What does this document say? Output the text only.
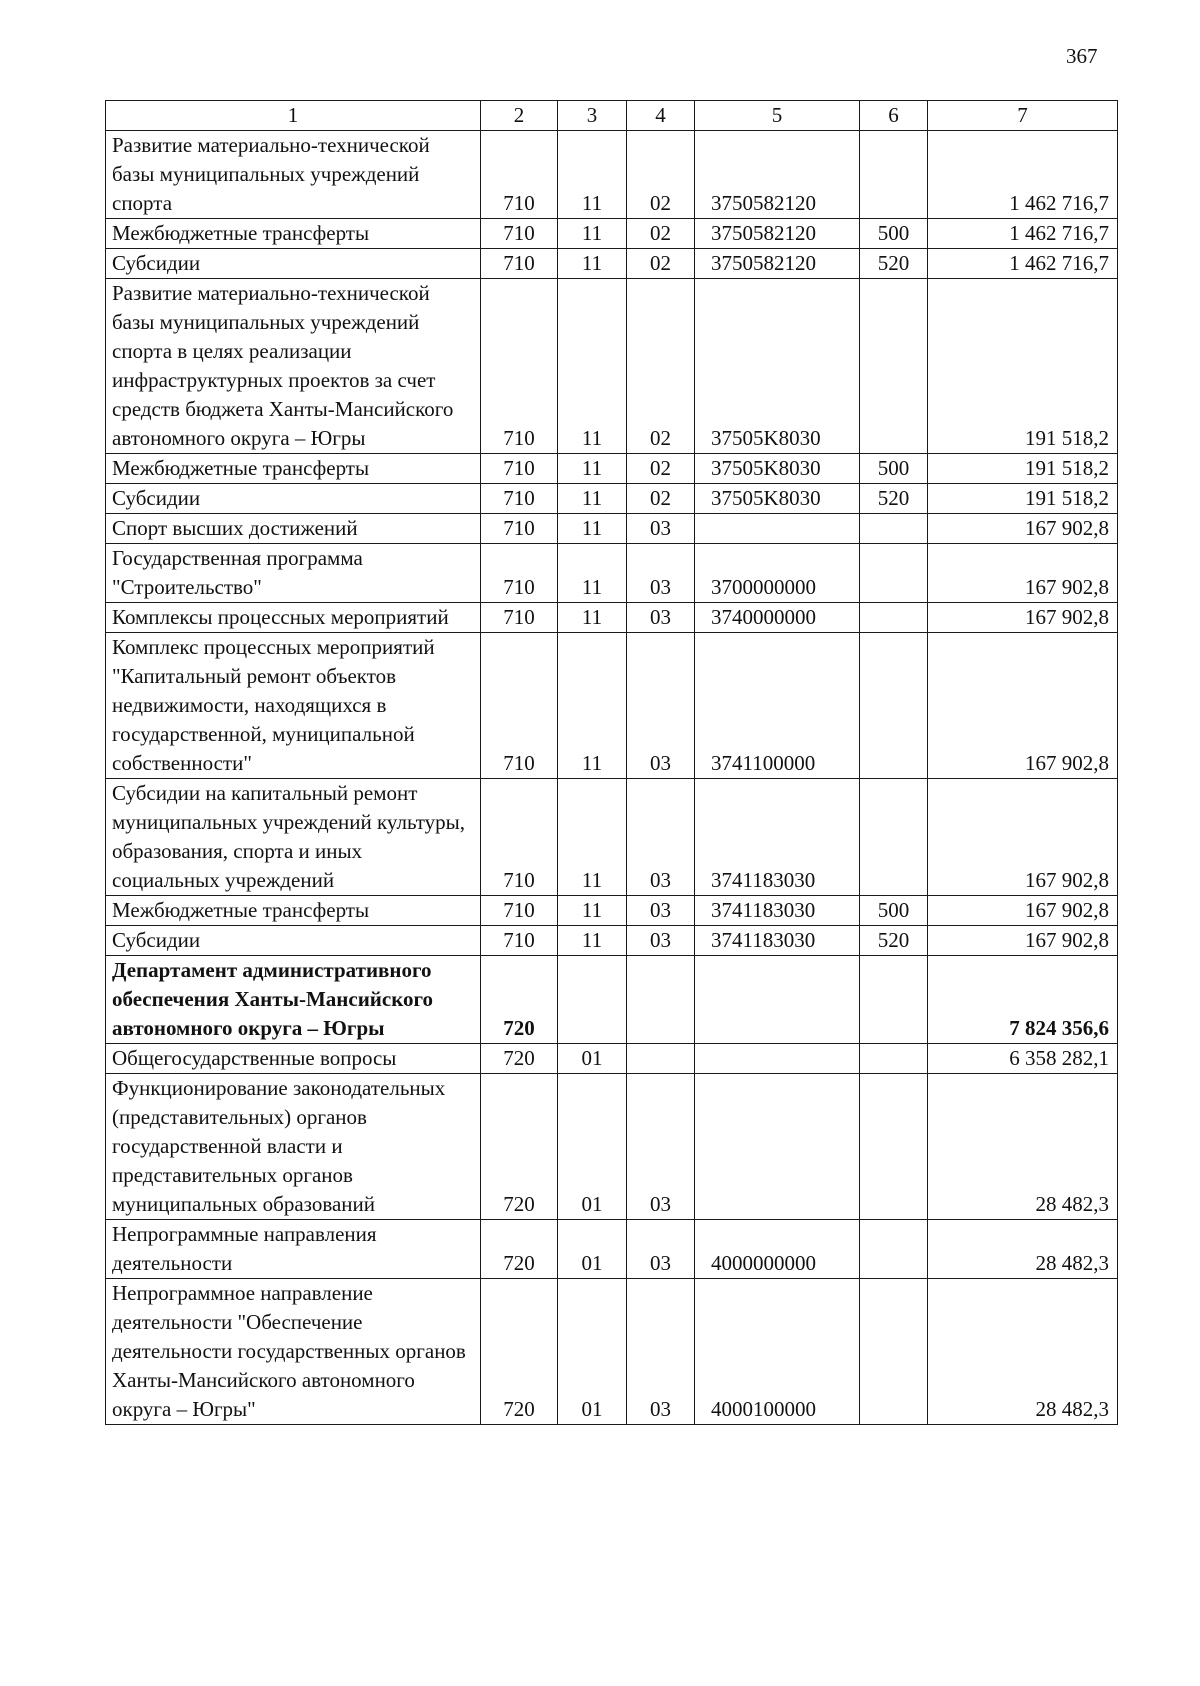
367
1	2	3	4	5	6	7
Развитие материально-технической базы муниципальных учреждений спорта	710	11	02	3750582120		1 462 716,7
Межбюджетные трансферты	710	11	02	3750582120	500	1 462 716,7
Субсидии	710	11	02	3750582120	520	1 462 716,7
Развитие материально-технической базы муниципальных учреждений спорта в целях реализации инфраструктурных проектов за счет средств бюджета Ханты-Мансийского автономного округа – Югры	710	11	02	37505K8030		191 518,2
Межбюджетные трансферты	710	11	02	37505K8030	500	191 518,2
Субсидии	710	11	02	37505K8030	520	191 518,2
Спорт высших достижений	710	11	03			167 902,8
Государственная программа "Строительство"	710	11	03	3700000000		167 902,8
Комплексы процессных мероприятий	710	11	03	3740000000		167 902,8
Комплекс процессных мероприятий "Капитальный ремонт объектов недвижимости, находящихся в государственной, муниципальной собственности"	710	11	03	3741100000		167 902,8
Субсидии на капитальный ремонт муниципальных учреждений культуры, образования, спорта и иных социальных учреждений	710	11	03	3741183030		167 902,8
Межбюджетные трансферты	710	11	03	3741183030	500	167 902,8
Субсидии	710	11	03	3741183030	520	167 902,8
Департамент административного обеспечения Ханты-Мансийского автономного округа – Югры	720					7 824 356,6
Общегосударственные вопросы	720	01				6 358 282,1
Функционирование законодательных (представительных) органов государственной власти и представительных органов муниципальных образований	720	01	03			28 482,3
Непрограммные направления деятельности	720	01	03	4000000000		28 482,3
Непрограммное направление деятельности "Обеспечение деятельности государственных органов Ханты-Мансийского автономного округа – Югры"	720	01	03	4000100000		28 482,3
